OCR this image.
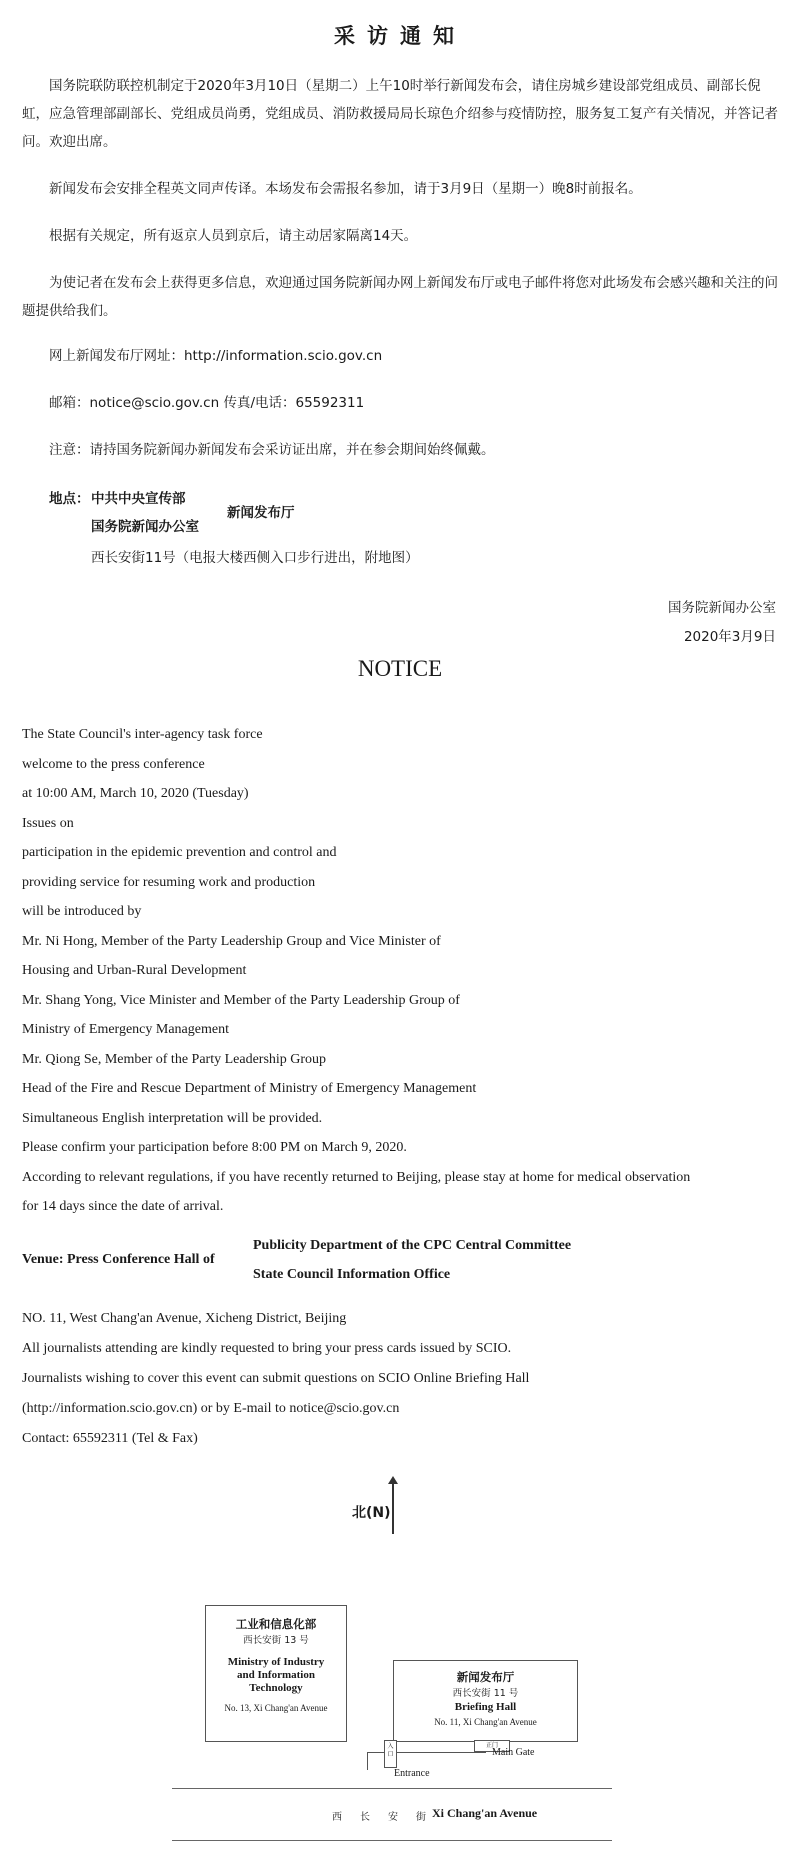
采访通知

国务院联防联控机制定于2020年3月10日（星期二）上午10时举行新闻发布会，请住房城乡建设部党组成员、副部长倪虹，应急管理部副部长、党组成员尚勇，党组成员、消防救援局局长琼色介绍参与疫情防控，服务复工复产有关情况，并答记者问。欢迎出席。

新闻发布会安排全程英文同声传译。本场发布会需报名参加，请于3月9日（星期一）晚8时前报名。

根据有关规定，所有返京人员到京后，请主动居家隔离14天。

为使记者在发布会上获得更多信息，欢迎通过国务院新闻办网上新闻发布厅或电子邮件将您对此场发布会感兴趣和关注的问题提供给我们。

网上新闻发布厅网址：http://information.scio.gov.cn

邮箱：notice@scio.gov.cn 传真/电话：65592311

注意：请持国务院新闻办新闻发布会采访证出席，并在参会期间始终佩戴。

地点： 中共中央宣传部
国务院新闻办公室
新闻发布厅
西长安街11号（电报大楼西侧入口步行进出，附地图）
国务院新闻办公室
2020年3月9日
NOTICE
The State Council's inter-agency task force
welcome to the press conference
at 10:00 AM, March 10, 2020 (Tuesday)
Issues on
participation in the epidemic prevention and control and
providing service for resuming work and production
will be introduced by
Mr. Ni Hong, Member of the Party Leadership Group and Vice Minister of
Housing and Urban-Rural Development
Mr. Shang Yong, Vice Minister and Member of the Party Leadership Group of
Ministry of Emergency Management
Mr. Qiong Se, Member of the Party Leadership Group
Head of the Fire and Rescue Department of Ministry of Emergency Management
Simultaneous English interpretation will be provided.
Please confirm your participation before 8:00 PM on March 9, 2020.
According to relevant regulations, if you have recently returned to Beijing, please stay at home for medical observation
for 14 days since the date of arrival.
Venue: Press Conference Hall of
Publicity Department of the CPC Central Committee
State Council Information Office
NO. 11, West Chang'an Avenue, Xicheng District, Beijing
All journalists attending are kindly requested to bring your press cards issued by SCIO.
Journalists wishing to cover this event can submit questions on SCIO Online Briefing Hall
(http://information.scio.gov.cn) or by E-mail to notice@scio.gov.cn
Contact: 65592311 (Tel & Fax)
北(N)
工业和信息化部
西长安街 13 号
Ministry of Industry and Information Technology
No. 13, Xi Chang'an Avenue
新闻发布厅
西长安街 11 号
Briefing Hall
No. 11, Xi Chang'an Avenue
入口
正门
Main Gate
Entrance
西长安街
Xi Chang'an Avenue
